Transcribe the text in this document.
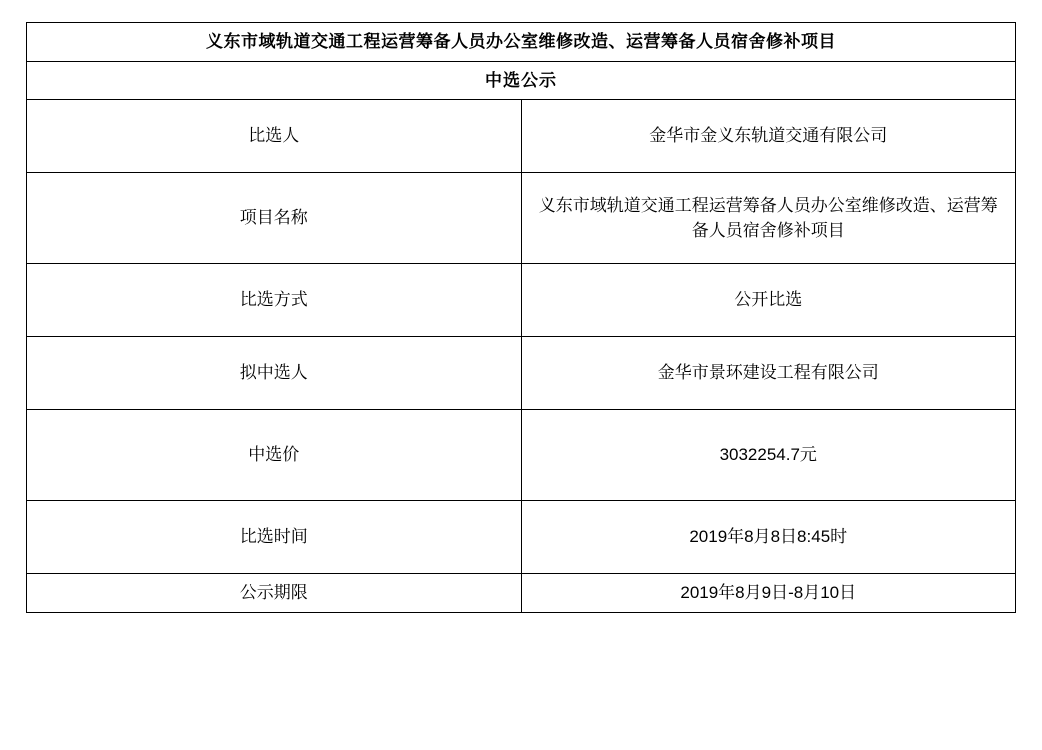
义东市域轨道交通工程运营筹备人员办公室维修改造、运营筹备人员宿舍修补项目	
中选公示	
比选人	金华市金义东轨道交通有限公司
项目名称	义东市域轨道交通工程运营筹备人员办公室维修改造、运营筹备人员宿舍修补项目
比选方式	公开比选
拟中选人	金华市景环建设工程有限公司
中选价	3032254.7元
比选时间	2019年8月8日8:45时
公示期限	2019年8月9日-8月10日
